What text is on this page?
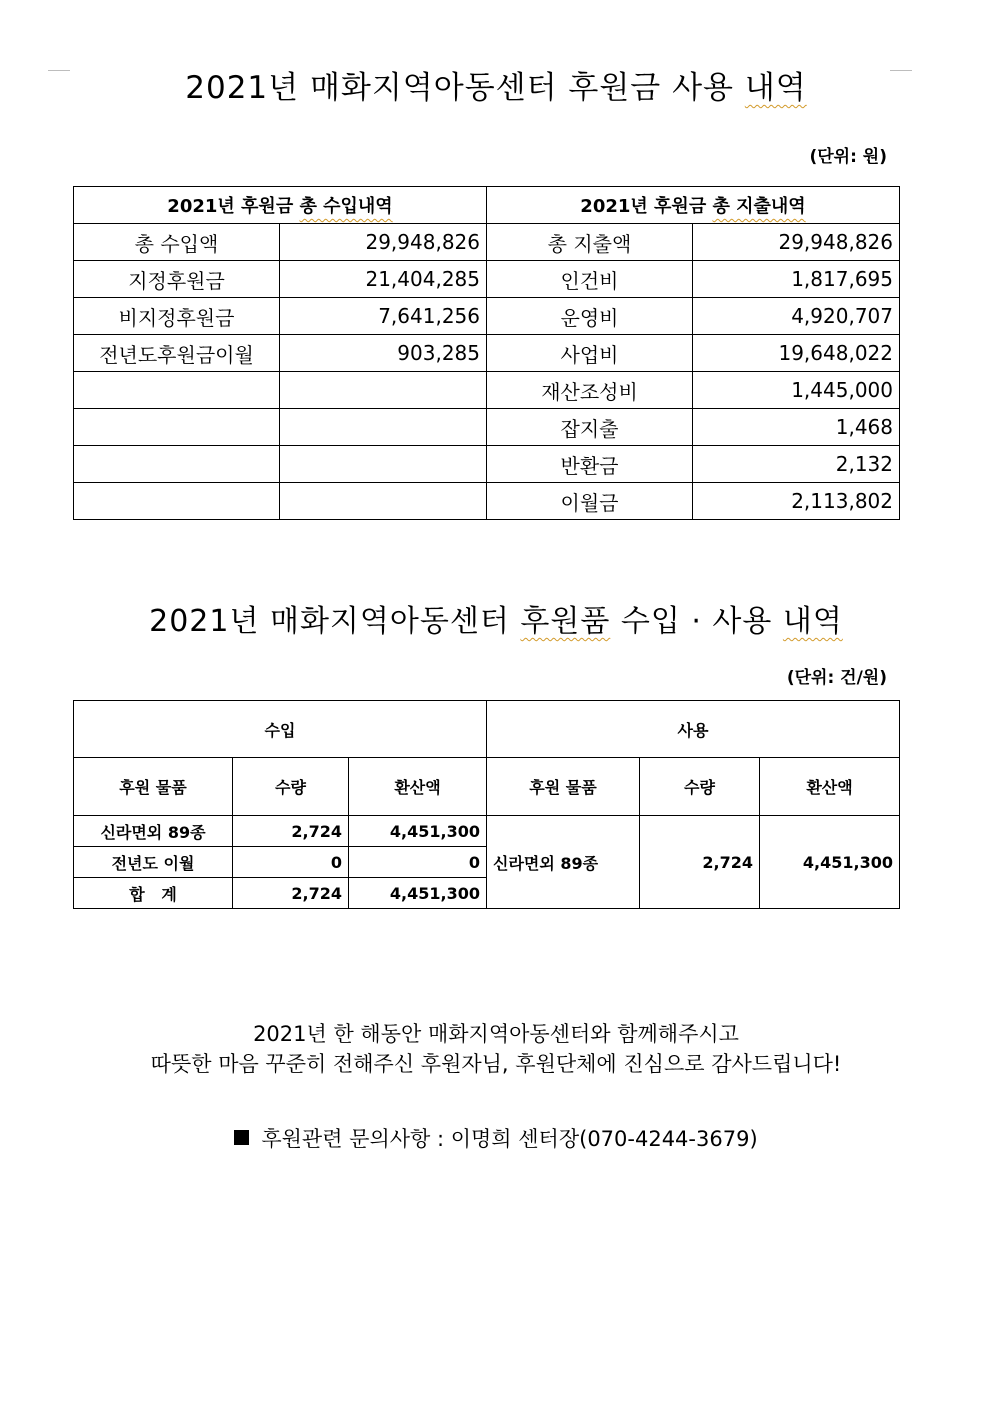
2021년 매화지역아동센터 후원금 사용 내역
(단위: 원)
2021년 후원금 총 수입내역		2021년 후원금 총 지출내역	
총 수입액	29,948,826	총 지출액	29,948,826
지정후원금	21,404,285	인건비	1,817,695
비지정후원금	7,641,256	운영비	4,920,707
전년도후원금이월	903,285	사업비	19,648,022
		재산조성비	1,445,000
		잡지출	1,468
		반환금	2,132
		이월금	2,113,802
2021년 매화지역아동센터 후원품 수입 · 사용 내역
(단위: 건/원)
수입			사용		
후원 물품	수량	환산액	후원 물품	수량	환산액
신라면외 89종	2,724	4,451,300	신라면외 89종	2,724	4,451,300
전년도 이월	0	0			
합   계	2,724	4,451,300			
2021년 한 해동안 매화지역아동센터와 함께해주시고
따뜻한 마음 꾸준히 전해주신 후원자님, 후원단체에 진심으로 감사드립니다!
후원관련 문의사항 : 이명희 센터장(070-4244-3679)
